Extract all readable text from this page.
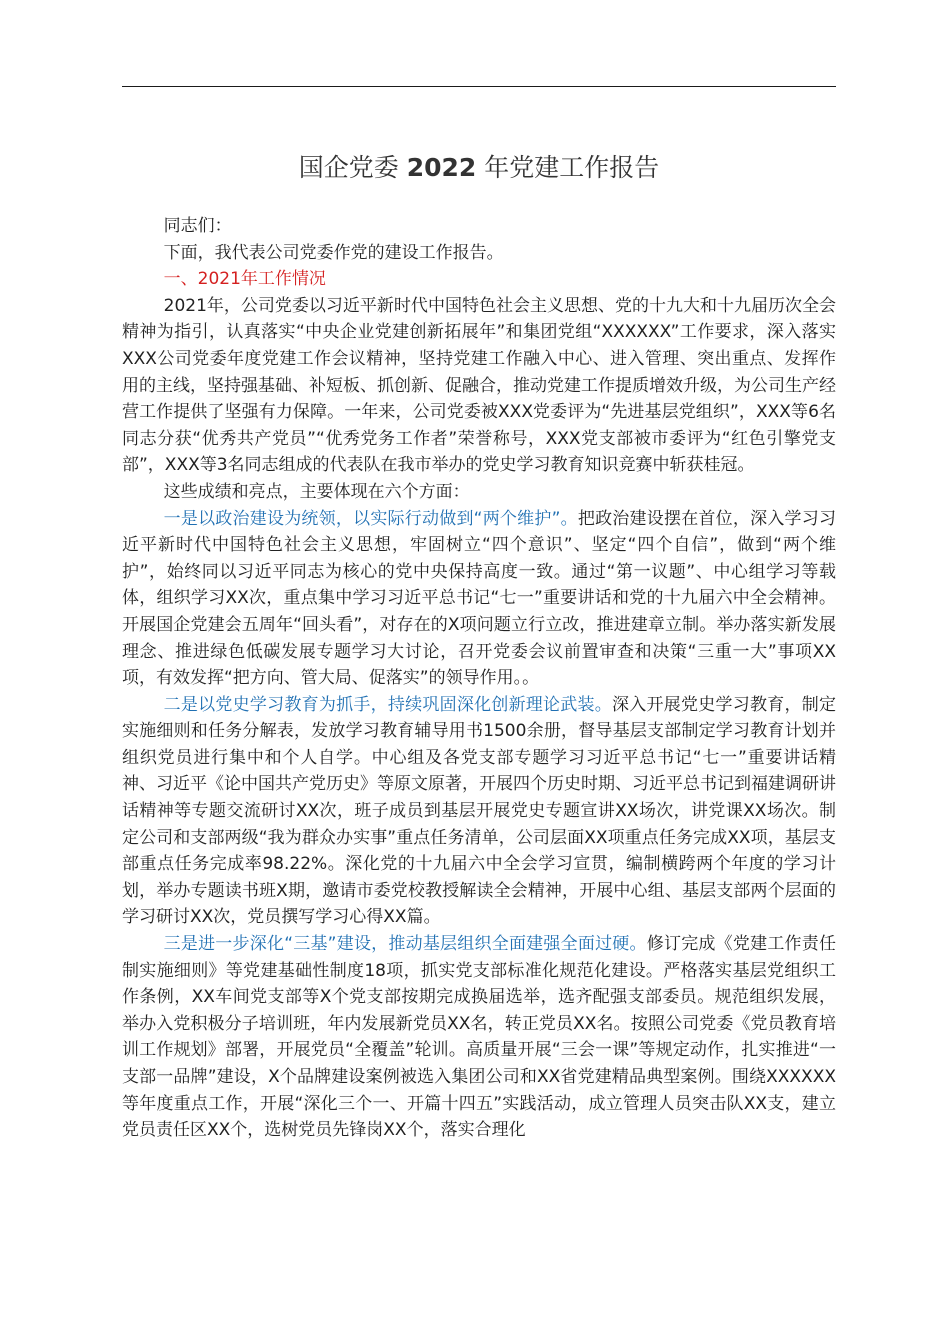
国企党委 2022 年党建工作报告

同志们：

下面，我代表公司党委作党的建设工作报告。

一、2021年工作情况

2021年，公司党委以习近平新时代中国特色社会主义思想、党的十九大和十九届历次全会精神为指引，认真落实“中央企业党建创新拓展年”和集团党组“XXXXXX”工作要求，深入落实XXX公司党委年度党建工作会议精神，坚持党建工作融入中心、进入管理、突出重点、发挥作用的主线，坚持强基础、补短板、抓创新、促融合，推动党建工作提质增效升级，为公司生产经营工作提供了坚强有力保障。一年来，公司党委被XXX党委评为“先进基层党组织”，XXX等6名同志分获“优秀共产党员”“优秀党务工作者”荣誉称号，XXX党支部被市委评为“红色引擎党支部”，XXX等3名同志组成的代表队在我市举办的党史学习教育知识竞赛中斩获桂冠。

这些成绩和亮点，主要体现在六个方面：

一是以政治建设为统领，以实际行动做到“两个维护”。把政治建设摆在首位，深入学习习近平新时代中国特色社会主义思想，牢固树立“四个意识”、坚定“四个自信”，做到“两个维护”，始终同以习近平同志为核心的党中央保持高度一致。通过“第一议题”、中心组学习等载体，组织学习XX次，重点集中学习习近平总书记“七一”重要讲话和党的十九届六中全会精神。开展国企党建会五周年“回头看”，对存在的X项问题立行立改，推进建章立制。举办落实新发展理念、推进绿色低碳发展专题学习大讨论，召开党委会议前置审查和决策“三重一大”事项XX项，有效发挥“把方向、管大局、促落实”的领导作用。。

二是以党史学习教育为抓手，持续巩固深化创新理论武装。深入开展党史学习教育，制定实施细则和任务分解表，发放学习教育辅导用书1500余册，督导基层支部制定学习教育计划并组织党员进行集中和个人自学。中心组及各党支部专题学习习近平总书记“七一”重要讲话精神、习近平《论中国共产党历史》等原文原著，开展四个历史时期、习近平总书记到福建调研讲话精神等专题交流研讨XX次，班子成员到基层开展党史专题宣讲XX场次，讲党课XX场次。制定公司和支部两级“我为群众办实事”重点任务清单，公司层面XX项重点任务完成XX项，基层支部重点任务完成率98.22%。深化党的十九届六中全会学习宣贯，编制横跨两个年度的学习计划，举办专题读书班X期，邀请市委党校教授解读全会精神，开展中心组、基层支部两个层面的学习研讨XX次，党员撰写学习心得XX篇。

三是进一步深化“三基”建设，推动基层组织全面建强全面过硬。修订完成《党建工作责任制实施细则》等党建基础性制度18项，抓实党支部标准化规范化建设。严格落实基层党组织工作条例，XX车间党支部等X个党支部按期完成换届选举，选齐配强支部委员。规范组织发展，举办入党积极分子培训班，年内发展新党员XX名，转正党员XX名。按照公司党委《党员教育培训工作规划》部署，开展党员“全覆盖”轮训。高质量开展“三会一课”等规定动作，扎实推进“一支部一品牌”建设，X个品牌建设案例被选入集团公司和XX省党建精品典型案例。围绕XXXXXX等年度重点工作，开展“深化三个一、开篇十四五”实践活动，成立管理人员突击队XX支，建立党员责任区XX个，选树党员先锋岗XX个，落实合理化
